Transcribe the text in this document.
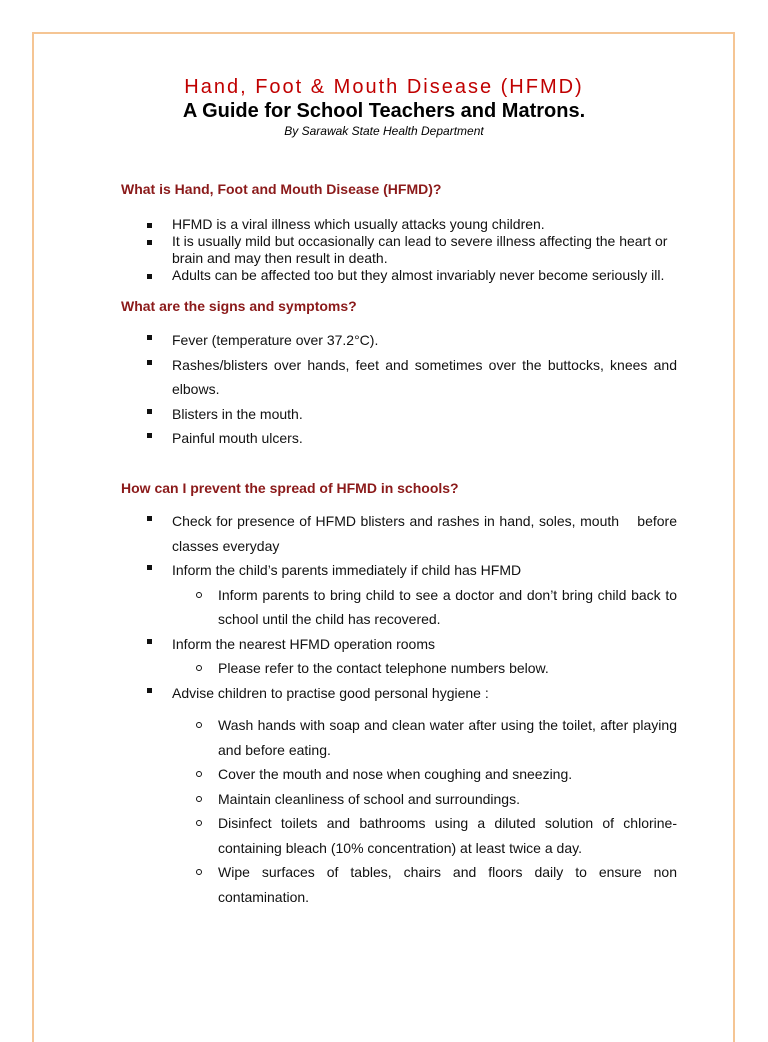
Hand, Foot & Mouth Disease (HFMD)
A Guide for School Teachers and Matrons.
By Sarawak State Health Department
What is Hand, Foot and Mouth Disease (HFMD)?
HFMD is a viral illness which usually attacks young children.
It is usually mild but occasionally can lead to severe illness affecting the heart or brain and may then result in death.
Adults can be affected too but they almost invariably never become seriously ill.
What are the signs and symptoms?
Fever (temperature over 37.2°C).
Rashes/blisters over hands, feet and sometimes over the buttocks, knees and elbows.
Blisters in the mouth.
Painful mouth ulcers.
How can I prevent the spread of HFMD in schools?
Check for presence of HFMD blisters and rashes in hand, soles, mouth    before classes everyday
Inform the child’s parents immediately if child has HFMD
Inform parents to bring child to see a doctor and don’t bring child back to school until the child has recovered.
Inform the nearest HFMD operation rooms
Please refer to the contact telephone numbers below.
Advise children to practise good personal hygiene :
Wash hands with soap and clean water after using the toilet, after playing and before eating.
Cover the mouth and nose when coughing and sneezing.
Maintain cleanliness of school and surroundings.
Disinfect toilets and bathrooms using a diluted solution of chlorine-containing bleach (10% concentration) at least twice a day.
Wipe surfaces of tables, chairs and floors daily to ensure non contamination.
